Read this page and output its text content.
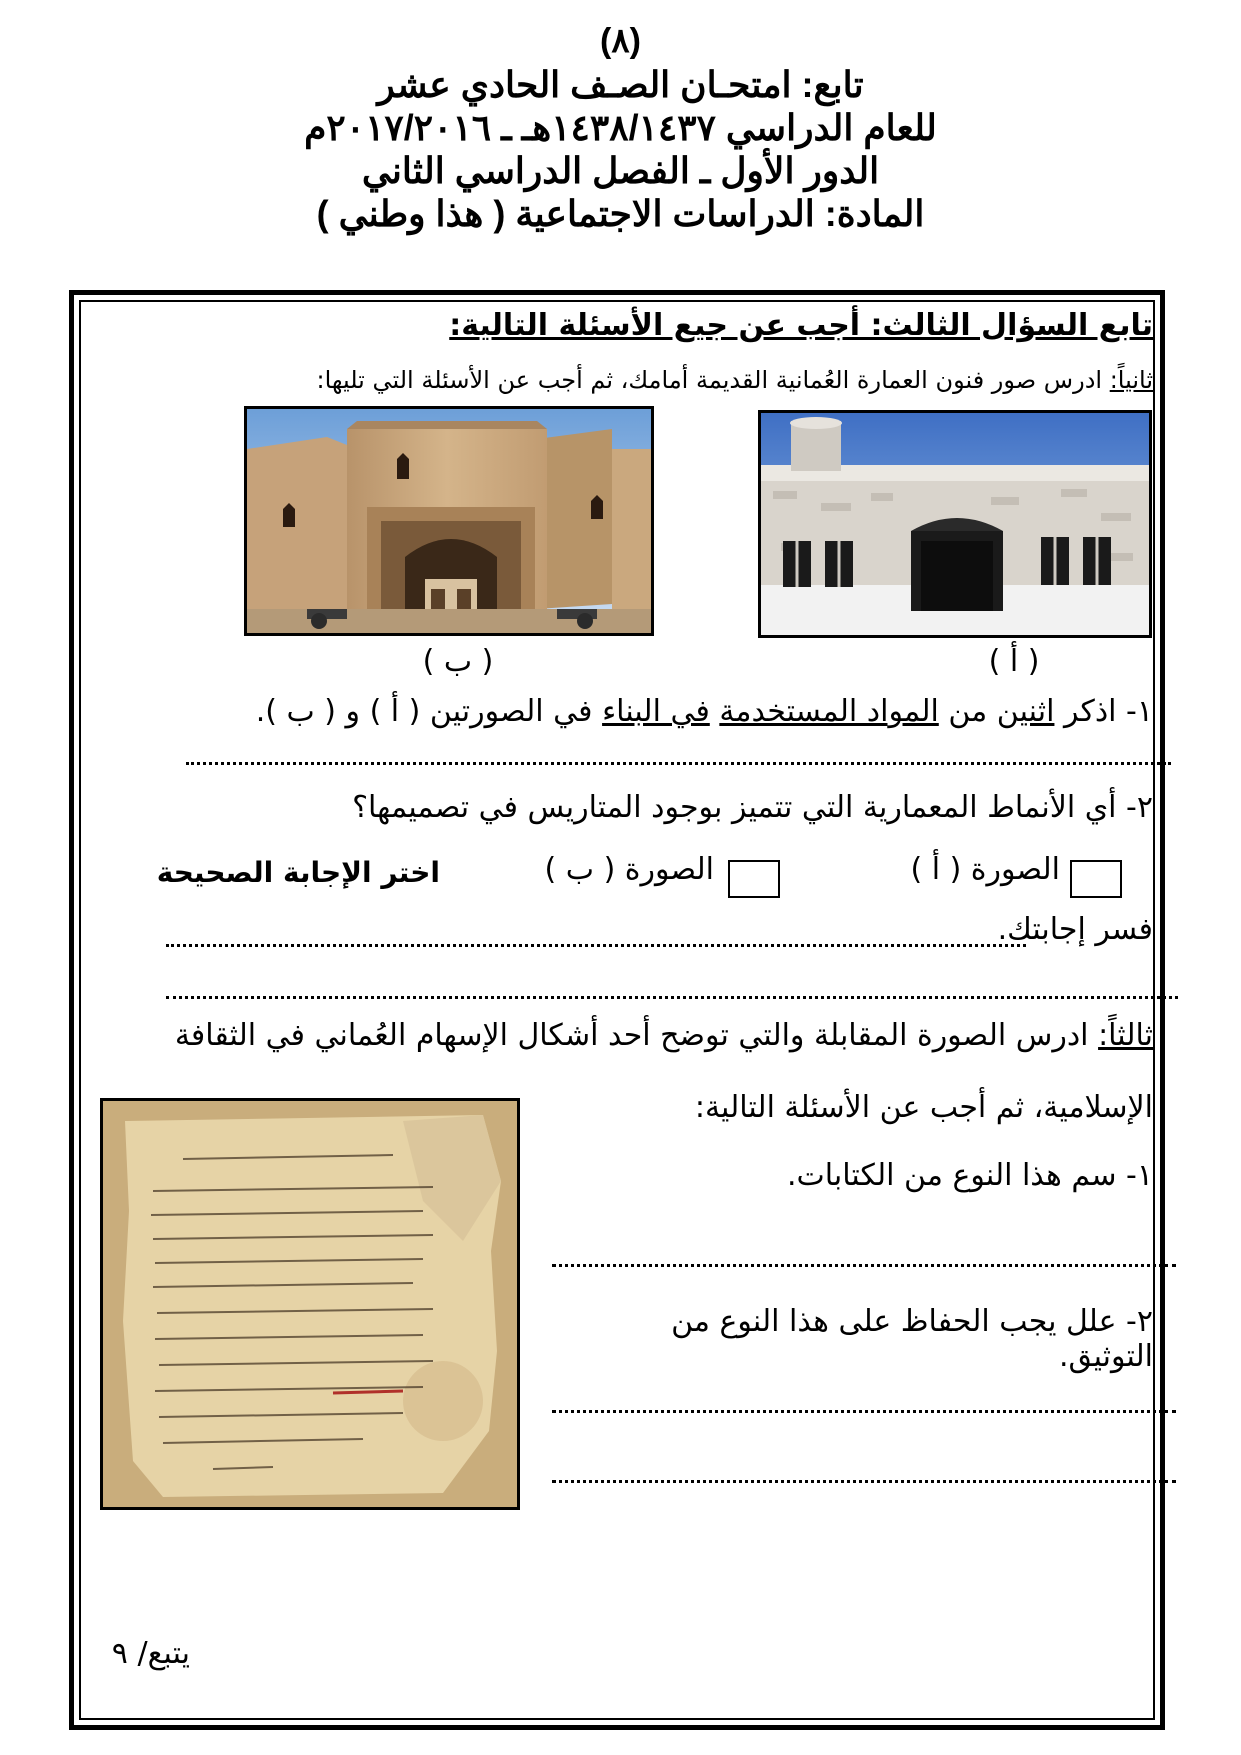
(٨)
تابع: امتحـان الصـف الحادي عشر
للعام الدراسي ١٤٣٨/١٤٣٧هـ ـ ٢٠١٧/٢٠١٦م
الدور الأول ـ الفصل الدراسي الثاني
المادة: الدراسات الاجتماعية ( هذا وطني )
تابع السؤال الثالث: أجب عن جيع الأسئلة التالية:
ثانياً: ادرس صور فنون العمارة العُمانية القديمة أمامك، ثم أجب عن الأسئلة التي تليها:
( أ )
( ب )
١- اذكر اثنين من المواد المستخدمة في البناء في الصورتين ( أ ) و ( ب ).
٢- أي الأنماط المعمارية التي تتميز بوجود المتاريس في تصميمها؟
الصورة ( أ )
الصورة ( ب )
اختر الإجابة الصحيحة
فسر إجابتك.
ثالثاً: ادرس الصورة المقابلة والتي توضح أحد أشكال الإسهام العُماني في الثقافة
الإسلامية، ثم أجب عن الأسئلة التالية:
١- سم هذا النوع من الكتابات.
٢- علل يجب الحفاظ على هذا النوع من التوثيق.
يتبع/ ٩
